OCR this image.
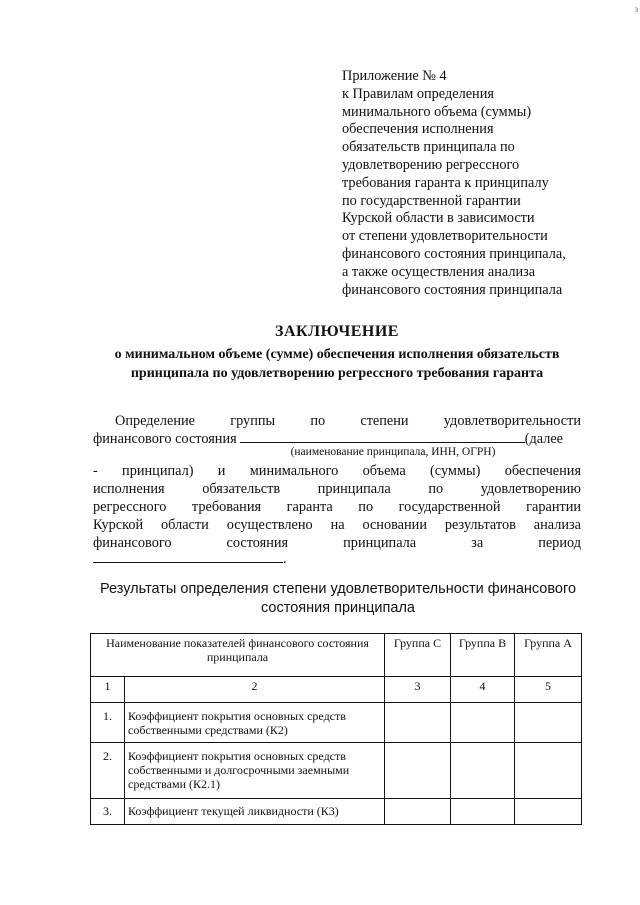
з
Приложение № 4
к Правилам определения
минимального объема (суммы)
обеспечения исполнения
обязательств принципала по
удовлетворению регрессного
требования гаранта к принципалу
по государственной гарантии
Курской области в зависимости
от степени удовлетворительности
финансового состояния принципала,
а также осуществления анализа
финансового состояния принципала
ЗАКЛЮЧЕНИЕ
о минимальном объеме (сумме) обеспечения исполнения обязательств
принципала по удовлетворению регрессного требования гаранта
Определение группы по степени удовлетворительности
финансового состояния	(далее
(наименование принципала, ИНН, ОГРН)
- принципал) и минимального объема (суммы) обеспечения
исполнения	обязательств принципала	по	удовлетворению
регрессного требования гаранта по государственной гарантии
Курской области осуществлено на основании результатов анализа
финансового	состояния	принципала	за	период
.
Результаты определения степени удовлетворительности финансового
состояния принципала
Наименование показателей финансового состояния принципала		Группа С	Группа В	Группа А
1	2	3	4	5
1.	Коэффициент покрытия основных средств собственными средствами (К2)			
2.	Коэффициент покрытия основных средств собственными и долгосрочными заемными средствами (К2.1)			
3.	Коэффициент текущей ликвидности (К3)			
